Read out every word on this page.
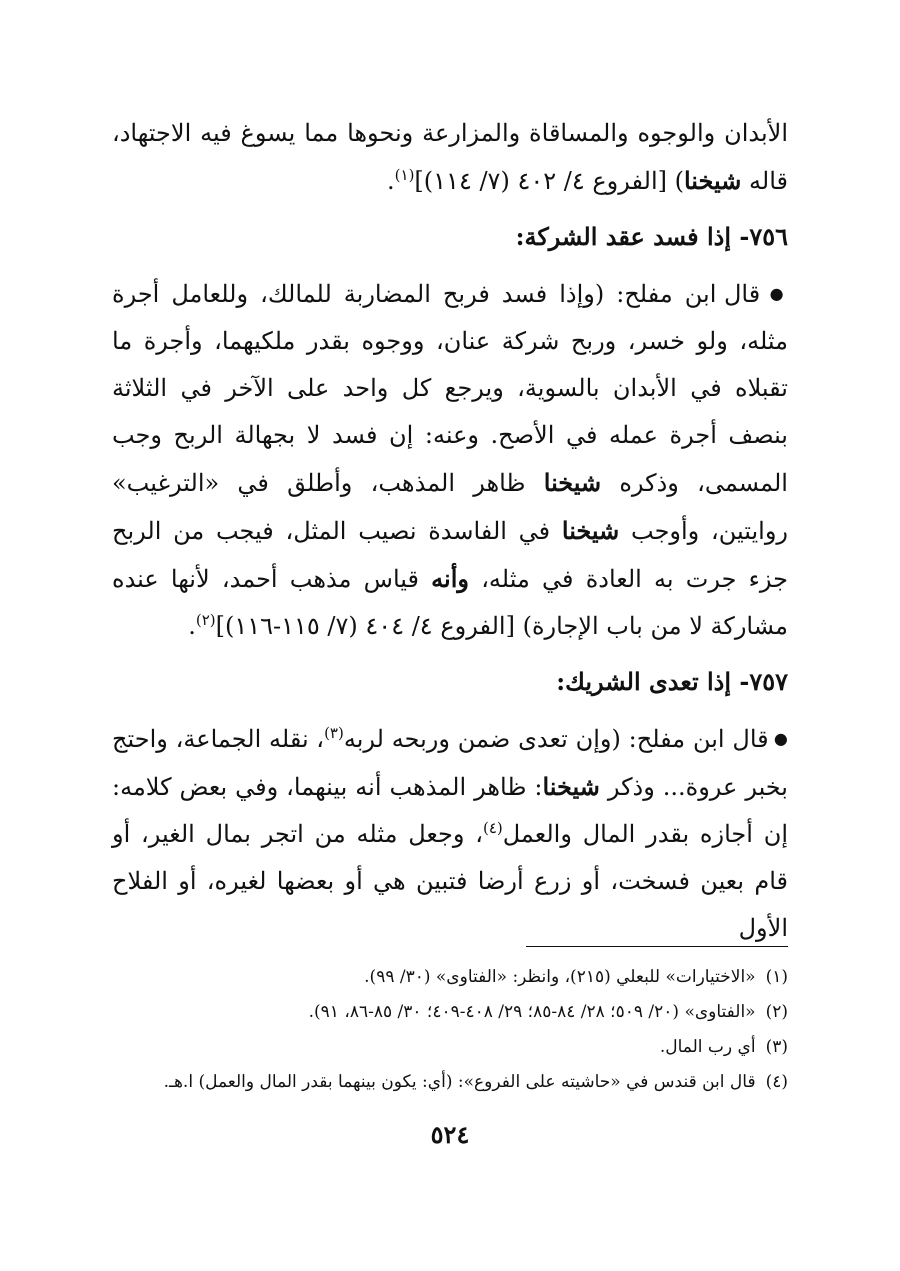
الأبدان والوجوه والمساقاة والمزارعة ونحوها مما يسوغ فيه الاجتهاد، قاله شيخنا) [الفروع ٤/ ٤٠٢ (٧/ ١١٤)]$^{(١)}$.

٧٥٦- إذا فسد عقد الشركة:

● قال ابن مفلح: (وإذا فسد فربح المضاربة للمالك، وللعامل أجرة مثله، ولو خسر، وربح شركة عنان، ووجوه بقدر ملكيهما، وأجرة ما تقبلاه في الأبدان بالسوية، ويرجع كل واحد على الآخر في الثلاثة بنصف أجرة عمله في الأصح. وعنه: إن فسد لا بجهالة الربح وجب المسمى، وذكره شيخنا ظاهر المذهب، وأطلق في «الترغيب» روايتين، وأوجب شيخنا في الفاسدة نصيب المثل، فيجب من الربح جزء جرت به العادة في مثله، وأنه قياس مذهب أحمد، لأنها عنده مشاركة لا من باب الإجارة) [الفروع ٤/ ٤٠٤ (٧/ ١١٥-١١٦)]$^{(٢)}$.

٧٥٧- إذا تعدى الشريك:

● قال ابن مفلح: (وإن تعدى ضمن وربحه لربه$^{(٣)}$، نقله الجماعة، واحتج بخبر عروة... وذكر شيخنا: ظاهر المذهب أنه بينهما، وفي بعض كلامه: إن أجازه بقدر المال والعمل$^{(٤)}$، وجعل مثله من اتجر بمال الغير، أو قام بعين فسخت، أو زرع أرضا فتبين هي أو بعضها لغيره، أو الفلاح الأول

(١)«الاختيارات» للبعلي (٢١٥)، وانظر: «الفتاوى» (٣٠/ ٩٩).
(٢)«الفتاوى» (٢٠/ ٥٠٩؛ ٢٨/ ٨٤-٨٥؛ ٢٩/ ٤٠٨-٤٠٩؛ ٣٠/ ٨٥-٨٦، ٩١).
(٣)أي رب المال.
(٤)قال ابن قندس في «حاشيته على الفروع»: (أي: يكون بينهما بقدر المال والعمل) ا.هـ.
٥٢٤
